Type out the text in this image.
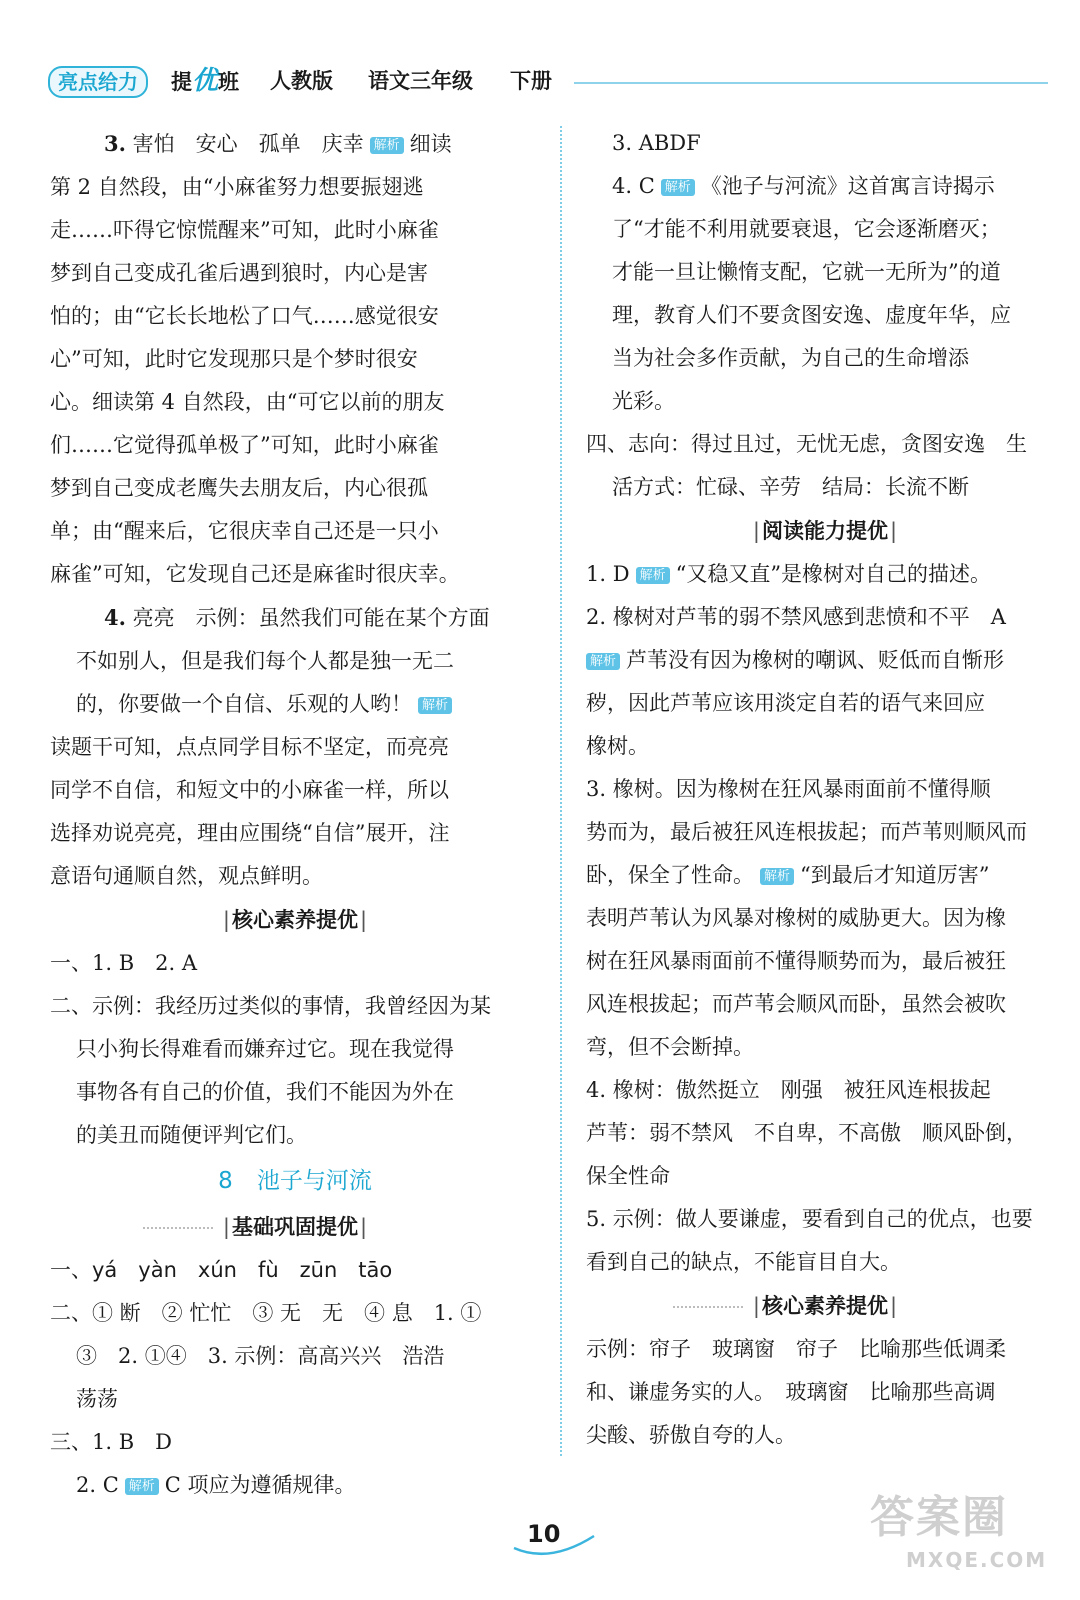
亮点给力	提优班 人教版 语文三年级 下册

3. 害怕　安心　孤单　庆幸 解析 细读

第 2 自然段，由“小麻雀努力想要振翅逃

走……吓得它惊慌醒来”可知，此时小麻雀

梦到自己变成孔雀后遇到狼时，内心是害

怕的；由“它长长地松了口气……感觉很安

心”可知，此时它发现那只是个梦时很安

心。细读第 4 自然段，由“可它以前的朋友

们……它觉得孤单极了”可知，此时小麻雀

梦到自己变成老鹰失去朋友后，内心很孤

单；由“醒来后，它很庆幸自己还是一只小

麻雀”可知，它发现自己还是麻雀时很庆幸。

4. 亮亮　示例：虽然我们可能在某个方面

不如别人，但是我们每个人都是独一无二

的，你要做一个自信、乐观的人哟！ 解析

读题干可知，点点同学目标不坚定，而亮亮

同学不自信，和短文中的小麻雀一样，所以

选择劝说亮亮，理由应围绕“自信”展开，注

意语句通顺自然，观点鲜明。

|核心素养提优|

一、1. B　2. A

二、示例：我经历过类似的事情，我曾经因为某

只小狗长得难看而嫌弃过它。现在我觉得

事物各有自己的价值，我们不能因为外在

的美丑而随便评判它们。

8 池子与河流
|基础巩固提优|

一、yá　yàn　xún　fù　zūn　tāo

二、① 断　② 忙忙　③ 无　无　④ 息　1. ①

③　2. ①④　3. 示例：高高兴兴　浩浩

荡荡

三、1. B　D

2. C 解析 C 项应为遵循规律。

3. ABDF

4. C 解析 《池子与河流》这首寓言诗揭示

了“才能不利用就要衰退，它会逐渐磨灭；

才能一旦让懒惰支配，它就一无所为”的道

理，教育人们不要贪图安逸、虚度年华，应

当为社会多作贡献，为自己的生命增添

光彩。

四、志向：得过且过，无忧无虑，贪图安逸　生

活方式：忙碌、辛劳　结局：长流不断

|阅读能力提优|

1. D 解析 “又稳又直”是橡树对自己的描述。

2. 橡树对芦苇的弱不禁风感到悲愤和不平　A

解析 芦苇没有因为橡树的嘲讽、贬低而自惭形

秽，因此芦苇应该用淡定自若的语气来回应

橡树。

3. 橡树。因为橡树在狂风暴雨面前不懂得顺

势而为，最后被狂风连根拔起；而芦苇则顺风而

卧，保全了性命。 解析 “到最后才知道厉害”

表明芦苇认为风暴对橡树的威胁更大。因为橡

树在狂风暴雨面前不懂得顺势而为，最后被狂

风连根拔起；而芦苇会顺风而卧，虽然会被吹

弯，但不会断掉。

4. 橡树：傲然挺立　刚强　被狂风连根拔起

芦苇：弱不禁风　不自卑，不高傲　顺风卧倒，

保全性命

5. 示例：做人要谦虚，要看到自己的优点，也要

看到自己的缺点，不能盲目自大。

|核心素养提优|

示例：帘子　玻璃窗　帘子　比喻那些低调柔

和、谦虚务实的人。　玻璃窗　比喻那些高调

尖酸、骄傲自夸的人。

10	答案圈
MXQE.COM
